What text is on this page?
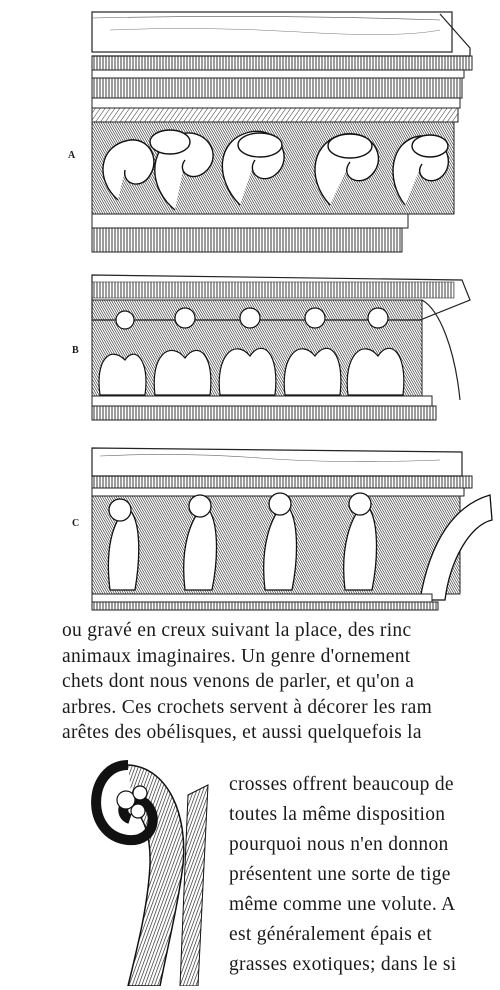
A
B
C
ou gravé en creux suivant la place, des rinc
animaux imaginaires. Un genre d'ornement
chets dont nous venons de parler, et qu'on a
arbres. Ces crochets servent à décorer les ram
arêtes des obélisques, et aussi quelquefois la
crosses offrent beaucoup de
toutes la même disposition
pourquoi nous n'en donnon
présentent une sorte de tige
même comme une volute. A
est généralement épais et
grasses exotiques; dans le si
